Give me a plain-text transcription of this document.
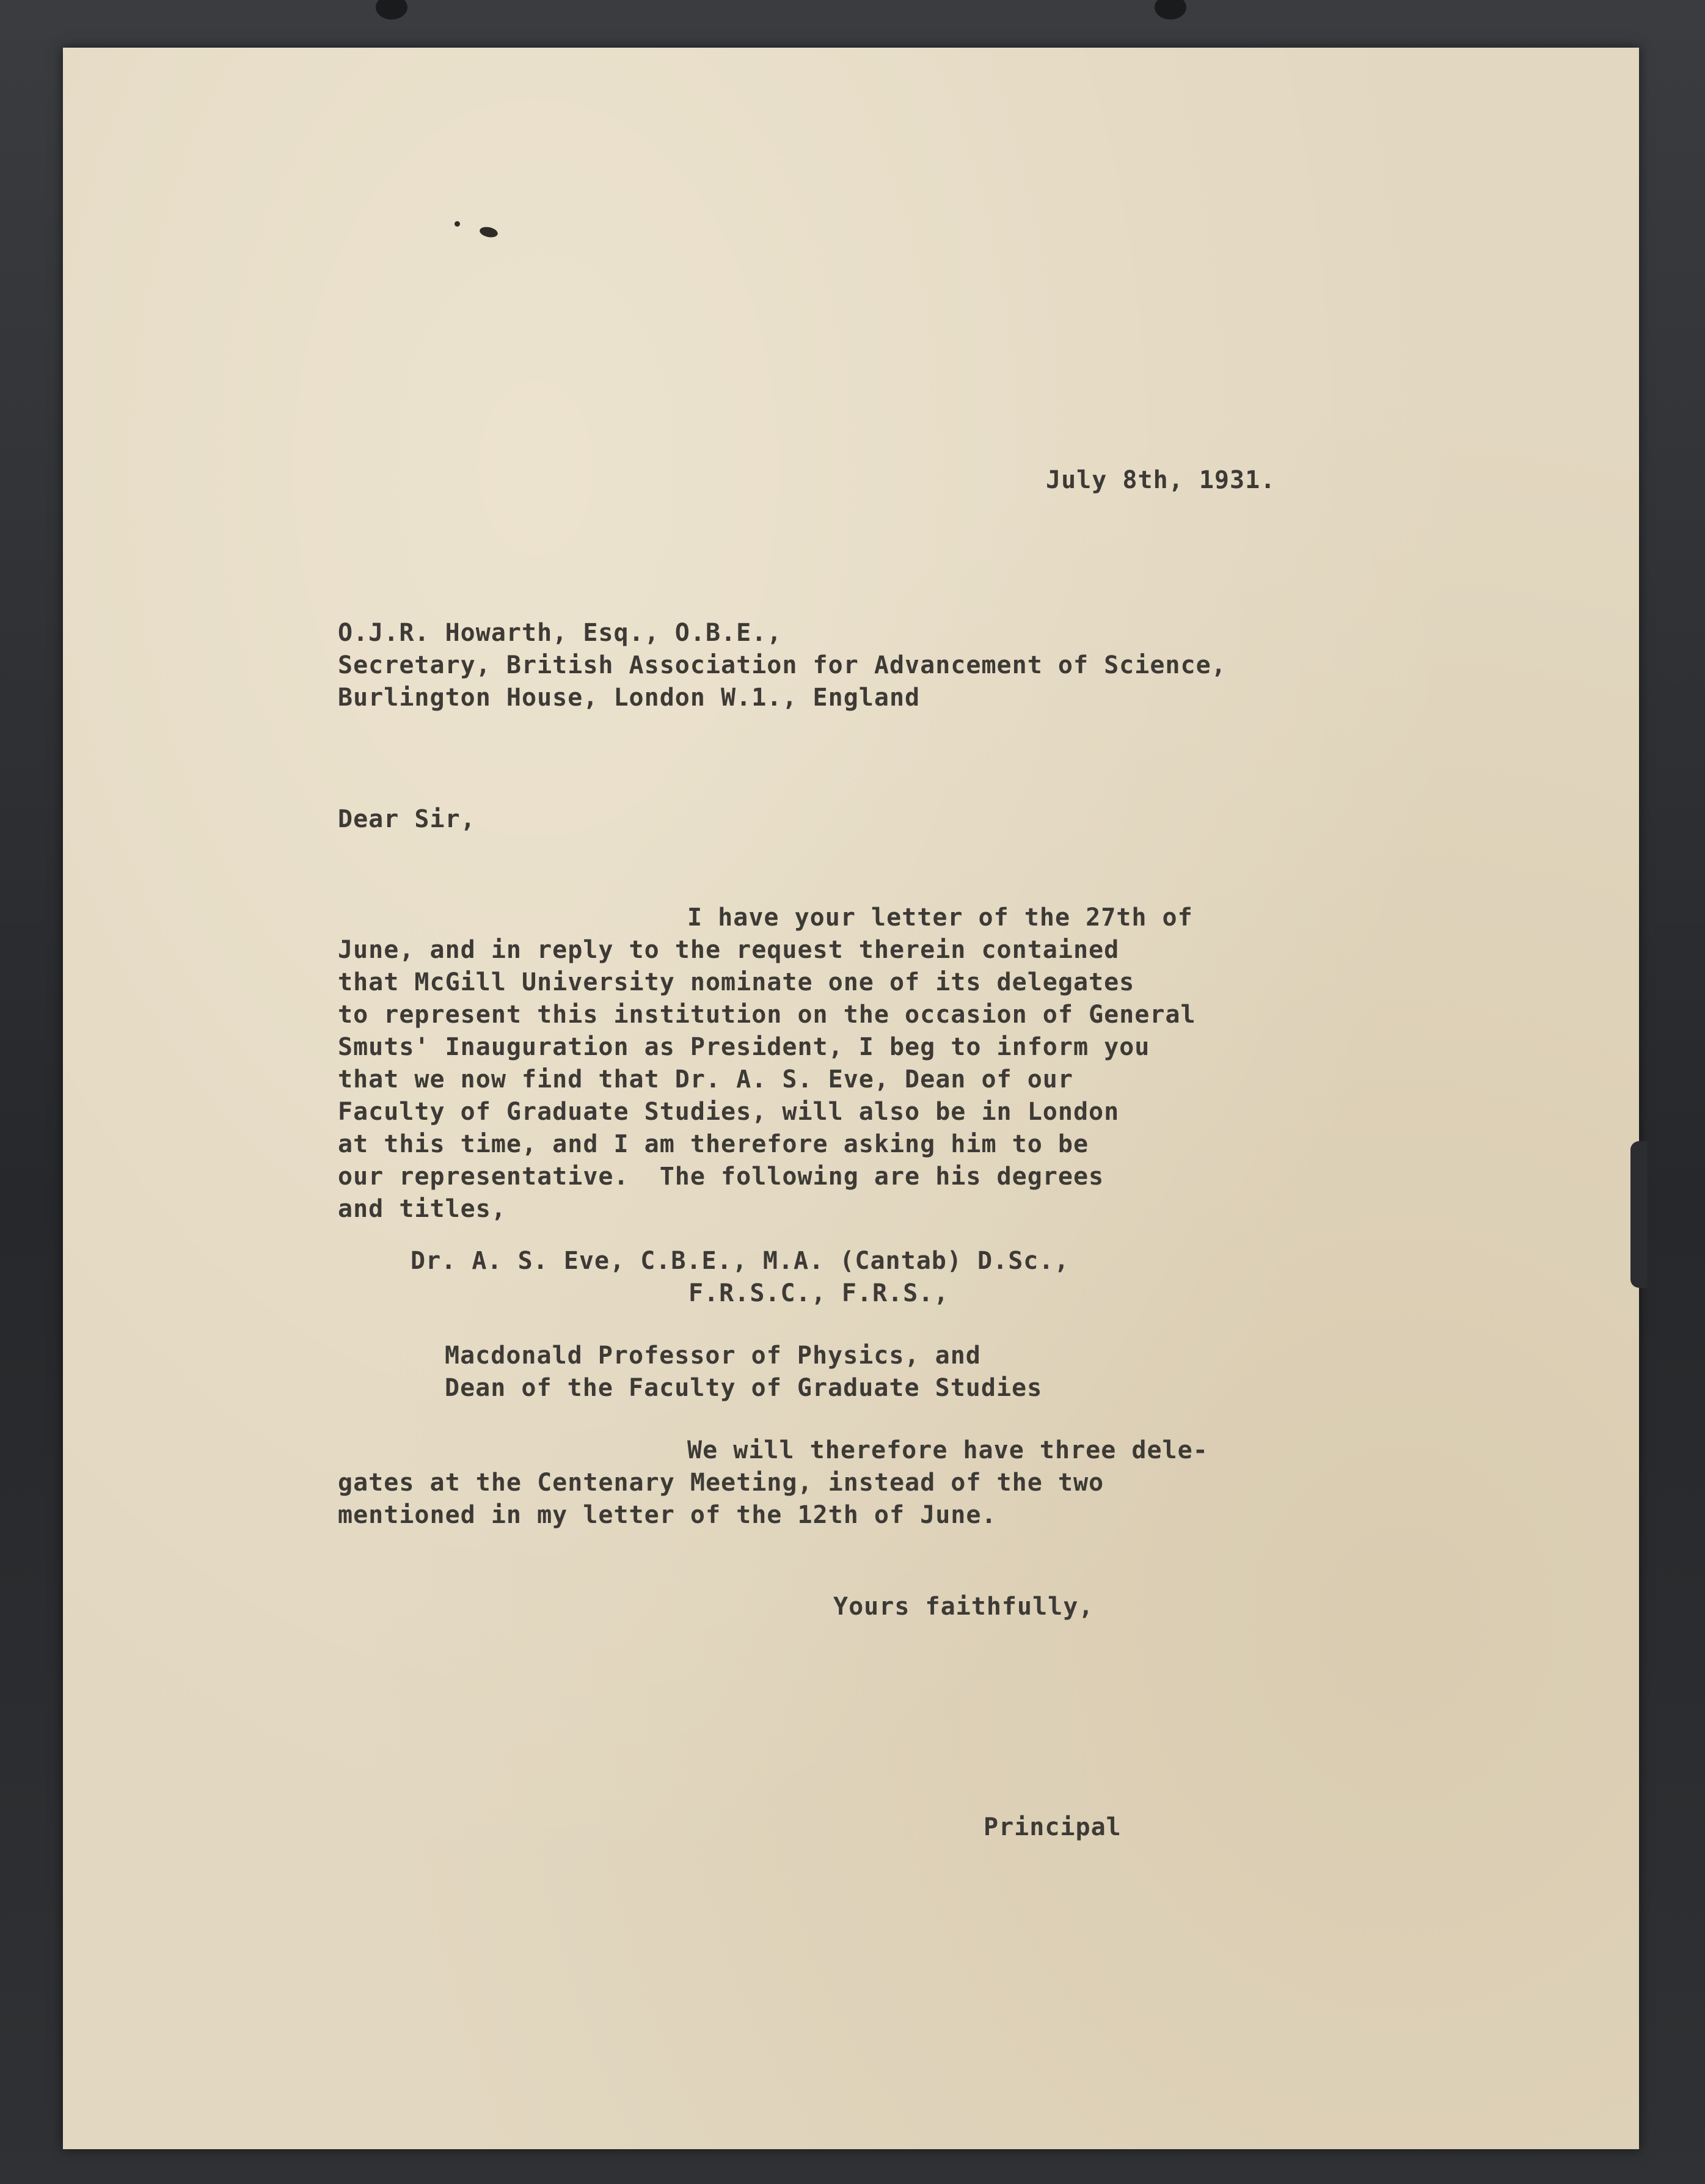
July 8th, 1931.
O.J.R. Howarth, Esq., O.B.E.,
Secretary, British Association for Advancement of Science,
Burlington House, London W.1., England
Dear Sir,
I have your letter of the 27th of
June, and in reply to the request therein contained
that McGill University nominate one of its delegates
to represent this institution on the occasion of General
Smuts' Inauguration as President, I beg to inform you
that we now find that Dr. A. S. Eve, Dean of our
Faculty of Graduate Studies, will also be in London
at this time, and I am therefore asking him to be
our representative.  The following are his degrees
and titles,
Dr. A. S. Eve, C.B.E., M.A. (Cantab) D.Sc.,
F.R.S.C., F.R.S.,
Macdonald Professor of Physics, and
Dean of the Faculty of Graduate Studies
We will therefore have three dele-
gates at the Centenary Meeting, instead of the two
mentioned in my letter of the 12th of June.
Yours faithfully,
Principal
